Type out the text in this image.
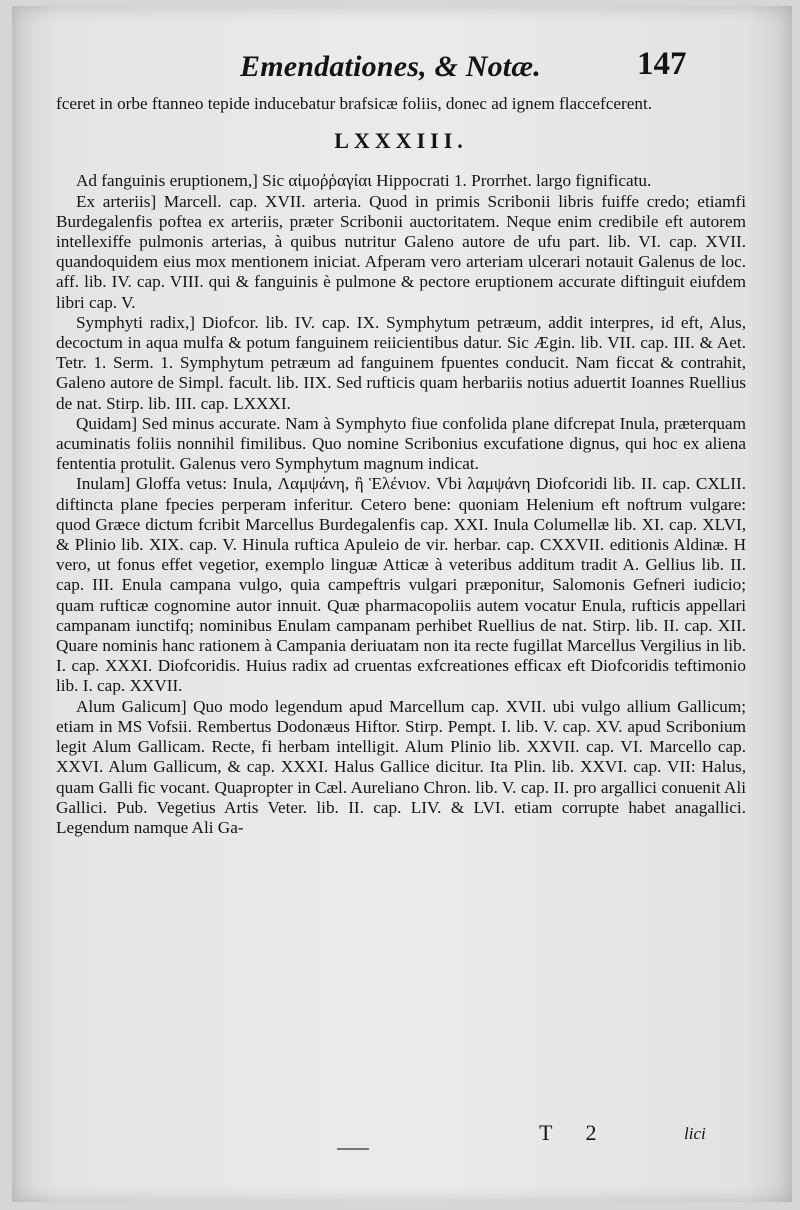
Emendationes, & Notæ.	147

fceret in orbe ftanneo tepide inducebatur brafsicæ foliis, donec ad ignem flaccefcerent.

LXXXIII.

Ad fanguinis eruptionem,] Sic αἱμοῤῥαγίαι Hippocrati 1. Prorrhet. largo fignificatu.

Ex arteriis] Marcell. cap. XVII. arteria. Quod in primis Scribonii libris fuiffe credo; etiamfi Burdegalenfis poftea ex arteriis, præter Scribonii auctoritatem. Neque enim credibile eft autorem intellexiffe pulmonis arterias, à quibus nutritur Galeno autore de ufu part. lib. VI. cap. XVII. quandoquidem eius mox mentionem iniciat. Afperam vero arteriam ulcerari notauit Galenus de loc. aff. lib. IV. cap. VIII. qui & fanguinis è pulmone & pectore eruptionem accurate diftinguit eiufdem libri cap. V.

Symphyti radix,] Diofcor. lib. IV. cap. IX. Symphytum petræum, addit interpres, id eft, Alus, decoctum in aqua mulfa & potum fanguinem reiicientibus datur. Sic Ægin. lib. VII. cap. III. & Aet. Tetr. 1. Serm. 1. Symphytum petræum ad fanguinem fpuentes conducit. Nam ficcat & contrahit, Galeno autore de Simpl. facult. lib. IIX. Sed rufticis quam herbariis notius aduertit Ioannes Ruellius de nat. Stirp. lib. III. cap. LXXXI.

Quidam] Sed minus accurate. Nam à Symphyto fiue confolida plane difcrepat Inula, præterquam acuminatis foliis nonnihil fimilibus. Quo nomine Scribonius excufatione dignus, qui hoc ex aliena fententia protulit. Galenus vero Symphytum magnum indicat.

Inulam] Gloffa vetus: Inula, Λαμψάνη, ἢ Ἑλένιον. Vbi λαμψάνη Diofcoridi lib. II. cap. CXLII. diftincta plane fpecies perperam inferitur. Cetero bene: quoniam Helenium eft noftrum vulgare: quod Græce dictum fcribit Marcellus Burdegalenfis cap. XXI. Inula Columellæ lib. XI. cap. XLVI, & Plinio lib. XIX. cap. V. Hinula ruftica Apuleio de vir. herbar. cap. CXXVII. editionis Aldinæ. H vero, ut fonus effet vegetior, exemplo linguæ Atticæ à veteribus additum tradit A. Gellius lib. II. cap. III. Enula campana vulgo, quia campeftris vulgari præponitur, Salomonis Gefneri iudicio; quam rufticæ cognomine autor innuit. Quæ pharmacopoliis autem vocatur Enula, rufticis appellari campanam iunctifq; nominibus Enulam campanam perhibet Ruellius de nat. Stirp. lib. II. cap. XII. Quare nominis hanc rationem à Campania deriuatam non ita recte fugillat Marcellus Vergilius in lib. I. cap. XXXI. Diofcoridis. Huius radix ad cruentas exfcreationes efficax eft Diofcoridis teftimonio lib. I. cap. XXVII.

Alum Galicum] Quo modo legendum apud Marcellum cap. XVII. ubi vulgo allium Gallicum; etiam in MS Vofsii. Rembertus Dodonæus Hiftor. Stirp. Pempt. I. lib. V. cap. XV. apud Scribonium legit Alum Gallicam. Recte, fi herbam intelligit. Alum Plinio lib. XXVII. cap. VI. Marcello cap. XXVI. Alum Gallicum, & cap. XXXI. Halus Gallice dicitur. Ita Plin. lib. XXVI. cap. VII: Halus, quam Galli fic vocant. Quapropter in Cæl. Aureliano Chron. lib. V. cap. II. pro argallici conuenit Ali Gallici. Pub. Vegetius Artis Veter. lib. II. cap. LIV. & LVI. etiam corrupte habet anagallici. Legendum namque Ali Ga-

T 2	lici
